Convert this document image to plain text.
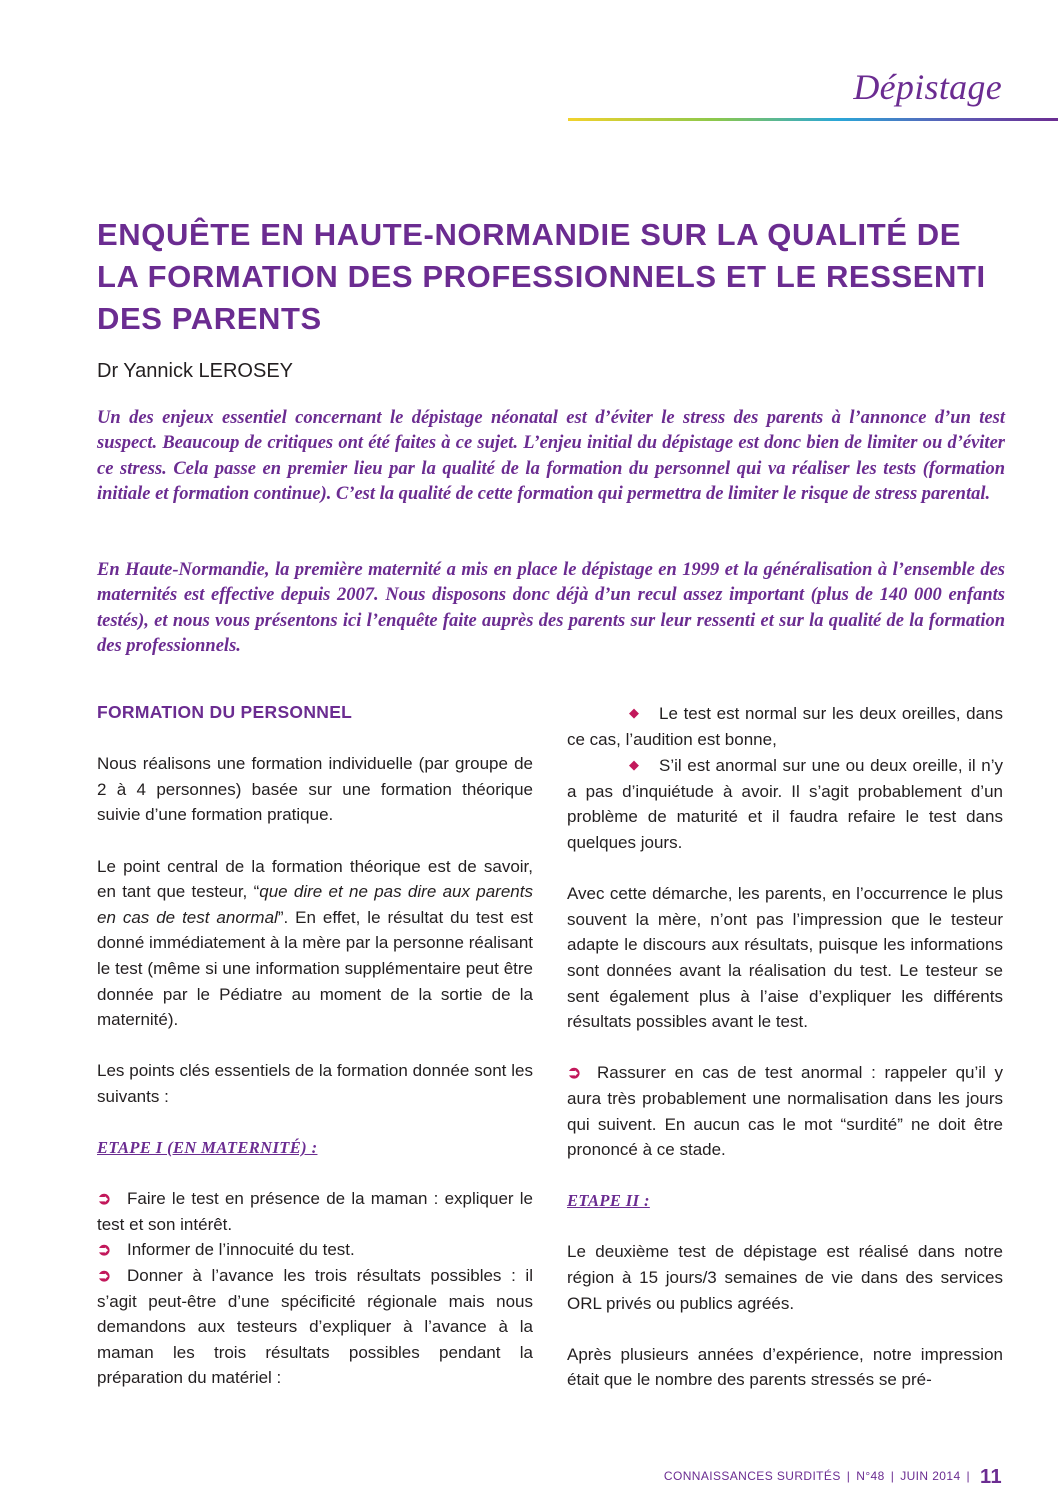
Dépistage
ENQUÊTE EN HAUTE-NORMANDIE SUR LA QUALITÉ DE LA FORMATION DES PROFESSIONNELS ET LE RESSENTI DES PARENTS
Dr Yannick LEROSEY

Un des enjeux essentiel concernant le dépistage néonatal est d’éviter le stress des parents à l’annonce d’un test suspect. Beaucoup de critiques ont été faites à ce sujet. L’enjeu initial du dépistage est donc bien de limiter ou d’éviter ce stress. Cela passe en premier lieu par la qualité de la formation du personnel qui va réaliser les tests (formation initiale et formation continue). C’est la qualité de cette formation qui permettra de limiter le risque de stress parental.

En Haute-Normandie, la première maternité a mis en place le dépistage en 1999 et la généralisation à l’ensemble des maternités est effective depuis 2007. Nous disposons donc déjà d’un recul assez important (plus de 140 000 enfants testés), et nous vous présentons ici l’enquête faite auprès des parents sur leur ressenti et sur la qualité de la formation des professionnels.

FORMATION DU PERSONNEL

Nous réalisons une formation individuelle (par groupe de 2 à 4 personnes) basée sur une formation théorique suivie d’une formation pratique.

Le point central de la formation théorique est de savoir, en tant que testeur, “que dire et ne pas dire aux parents en cas de test anormal”. En effet, le résultat du test est donné immédiatement à la mère par la personne réalisant le test (même si une information supplémentaire peut être donnée par le Pédiatre au moment de la sortie de la maternité).

Les points clés essentiels de la formation donnée sont les suivants :

ETAPE I (EN MATERNITÉ) :

➲ Faire le test en présence de la maman : expliquer le test et son intérêt.

➲ Informer de l’innocuité du test.

➲ Donner à l’avance les trois résultats possibles : il s’agit peut-être d’une spécificité régionale mais nous demandons aux testeurs d’expliquer à l’avance à la maman les trois résultats possibles pendant la préparation du matériel :

◆ Le test est normal sur les deux oreilles, dans ce cas, l’audition est bonne,

◆ S’il est anormal sur une ou deux oreille, il n’y a pas d’inquiétude à avoir. Il s’agit probablement d’un problème de maturité et il faudra refaire le test dans quelques jours.

Avec cette démarche, les parents, en l’occurrence le plus souvent la mère, n’ont pas l’impression que le testeur adapte le discours aux résultats, puisque les informations sont données avant la réalisation du test. Le testeur se sent également plus à l’aise d’expliquer les différents résultats possibles avant le test.

➲ Rassurer en cas de test anormal : rappeler qu’il y aura très probablement une normalisation dans les jours qui suivent. En aucun cas le mot “surdité” ne doit être prononcé à ce stade.

ETAPE II :

Le deuxième test de dépistage est réalisé dans notre région à 15 jours/3 semaines de vie dans des services ORL privés ou publics agréés.

Après plusieurs années d’expérience, notre impression était que le nombre des parents stressés se pré-

CONNAISSANCES SURDITÉS | N°48 | JUIN 2014 | 11
